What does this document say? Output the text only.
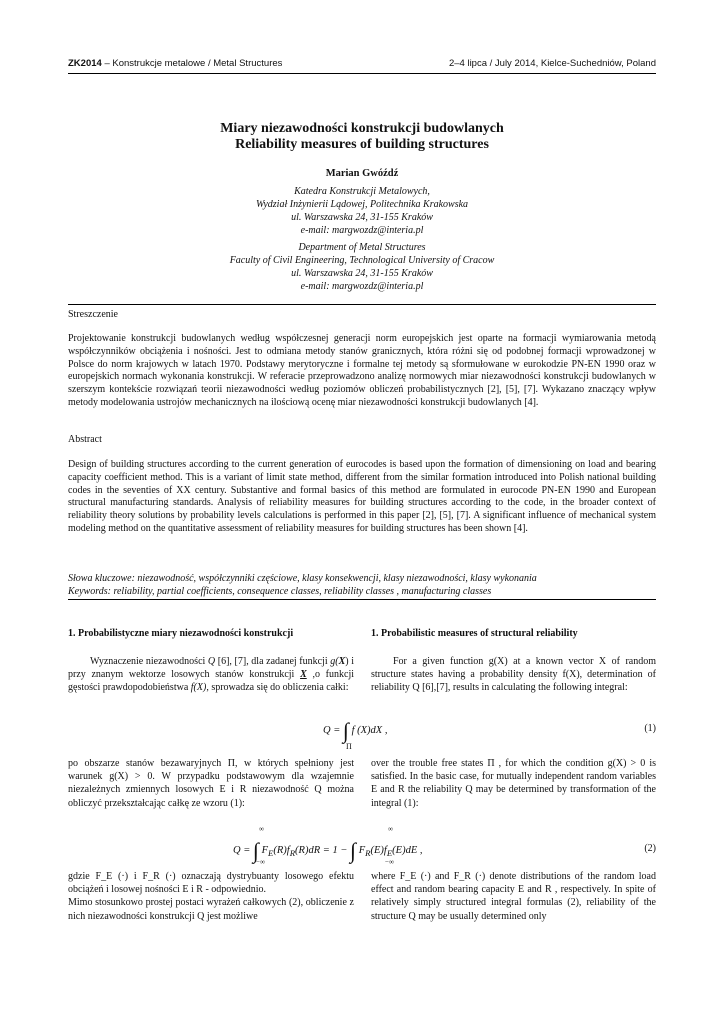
ZK2014 – Konstrukcje metalowe / Metal Structures	2–4 lipca / July 2014, Kielce-Suchedniów, Poland
Miary niezawodności konstrukcji budowlanych
Reliability measures of building structures
Marian Gwóźdź
Katedra Konstrukcji Metalowych,
Wydział Inżynierii Lądowej, Politechnika Krakowska
ul. Warszawska 24, 31-155 Kraków
e-mail: margwozdz@interia.pl
Department of Metal Structures
Faculty of Civil Engineering, Technological University of Cracow
ul. Warszawska 24, 31-155 Kraków
e-mail: margwozdz@interia.pl
Streszczenie
Projektowanie konstrukcji budowlanych według współczesnej generacji norm europejskich jest oparte na formacji wymiarowania metodą współczynników obciążenia i nośności. Jest to odmiana metody stanów granicznych, która różni się od podobnej formacji wprowadzonej w Polsce do norm krajowych w latach 1970. Podstawy merytoryczne i formalne tej metody są sformułowane w eurokodzie PN-EN 1990 oraz w europejskich normach wykonania konstrukcji. W referacie przeprowadzono analizę normowych miar niezawodności konstrukcji budowlanych w szerszym kontekście rozwiązań teorii niezawodności według poziomów obliczeń probabilistycznych [2], [5], [7]. Wykazano znaczący wpływ metody modelowania ustrojów mechanicznych na ilościową ocenę miar niezawodności konstrukcji budowlanych [4].
Abstract
Design of building structures according to the current generation of eurocodes is based upon the formation of dimensioning on load and bearing capacity coefficient method. This is a variant of limit state method, different from the similar formation introduced into Polish national building codes in the seventies of XX century. Substantive and formal basics of this method are formulated in eurocode PN-EN 1990 and European structural manufacturing standards. Analysis of reliability measures for building structures according to the code, in the broader context of reliability theory solutions by probability levels calculations is performed in this paper [2], [5], [7]. A significant influence of mechanical system modeling method on the quantitative assessment of reliability measures for building structures has been shown [4].
Słowa kluczowe: niezawodność, współczynniki częściowe, klasy konsekwencji, klasy niezawodności, klasy wykonania
Keywords: reliability, partial coefficients, consequence classes, reliability classes , manufacturing classes
1. Probabilistyczne miary niezawodności konstrukcji	1. Probabilistic measures of structural reliability

Wyznaczenie niezawodności Q [6], [7], dla zadanej funkcji g(X) i przy znanym wektorze losowych stanów konstrukcji X ,o funkcji gęstości prawdopodobieństwa f(X), sprowadza się do obliczenia całki:

For a given function g(X) at a known vector X of random structure states having a probability density f(X), determination of reliability Q [6],[7], results in calculating the following integral:

Q = ∫ f (X)dX ,
Π
(1)
po obszarze stanów bezawaryjnych Π, w których spełniony jest warunek g(X) > 0. W przypadku podstawowym dla wzajemnie niezależnych zmiennych losowych E i R niezawodność Q można obliczyć przekształcając całkę ze wzoru (1):
over the trouble free states Π , for which the condition g(X) > 0 is satisfied. In the basic case, for mutually independent random variables E and R the reliability Q may be determined by transformation of the integral (1):
Q = ∫ $F_E(R)f_R(R)dR = 1$ − ∫ $F_R(E)f_E(E)dE$ ,
∞
−∞
∞
−∞
(2)

gdzie F_E (·) i F_R (·) oznaczają dystrybuanty losowego efektu obciążeń i losowej nośności E i R - odpowiednio.

Mimo stosunkowo prostej postaci wyrażeń całkowych (2), obliczenie z nich niezawodności konstrukcji Q jest możliwe

where F_E (·) and F_R (·) denote distributions of the random load effect and random bearing capacity E and R , respectively. In spite of relatively simply structured integral formulas (2), reliability of the structure Q may be usually determined only
